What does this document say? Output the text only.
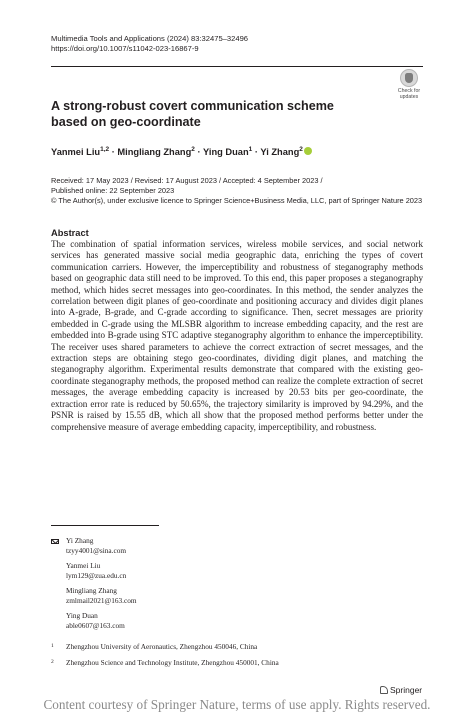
Multimedia Tools and Applications (2024) 83:32475–32496
https://doi.org/10.1007/s11042-023-16867-9
Check for
updates
A strong-robust covert communication scheme
based on geo-coordinate
Yanmei Liu$^{1,2}$ · Mingliang Zhang$^2$ · Ying Duan$^1$ · Yi Zhang$^2$
Received: 17 May 2023 / Revised: 17 August 2023 / Accepted: 4 September 2023 /
Published online: 22 September 2023
© The Author(s), under exclusive licence to Springer Science+Business Media, LLC, part of Springer Nature 2023
Abstract
The combination of spatial information services, wireless mobile services, and social network services has generated massive social media geographic data, enriching the types of covert communication carriers. However, the imperceptibility and robustness of steganography methods based on geographic data still need to be improved. To this end, this paper proposes a steganography method, which hides secret messages into geo-coordinates. In this method, the sender analyzes the correlation between digit planes of geo-coordinate and positioning accuracy and divides digit planes into A-grade, B-grade, and C-grade according to significance. Then, secret messages are priority embedded in C-grade using the MLSBR algorithm to increase embedding capacity, and the rest are embedded into B-grade using STC adaptive steganography algorithm to enhance the imperceptibility. The receiver uses shared parameters to achieve the correct extraction of secret messages, and the extraction steps are obtaining stego geo-coordinates, dividing digit planes, and matching the steganography algorithm. Experimental results demonstrate that compared with the existing geo-coordinate steganography methods, the proposed method can realize the complete extraction of secret messages, the average embedding capacity is increased by 20.53 bits per geo-coordinate, the extraction error rate is reduced by 50.65%, the trajectory similarity is improved by 94.29%, and the PSNR is raised by 15.55 dB, which all show that the proposed method performs better under the comprehensive measure of average embedding capacity, imperceptibility, and robustness.
Yi Zhang
tzyy4001@sina.com
Yanmei Liu
lym129@zua.edu.cn
Mingliang Zhang
zmlmail2021@163.com
Ying Duan
able0607@163.com
1 Zhengzhou University of Aeronautics, Zhengzhou 450046, China
2 Zhengzhou Science and Technology Institute, Zhengzhou 450001, China
Springer
Content courtesy of Springer Nature, terms of use apply. Rights reserved.
